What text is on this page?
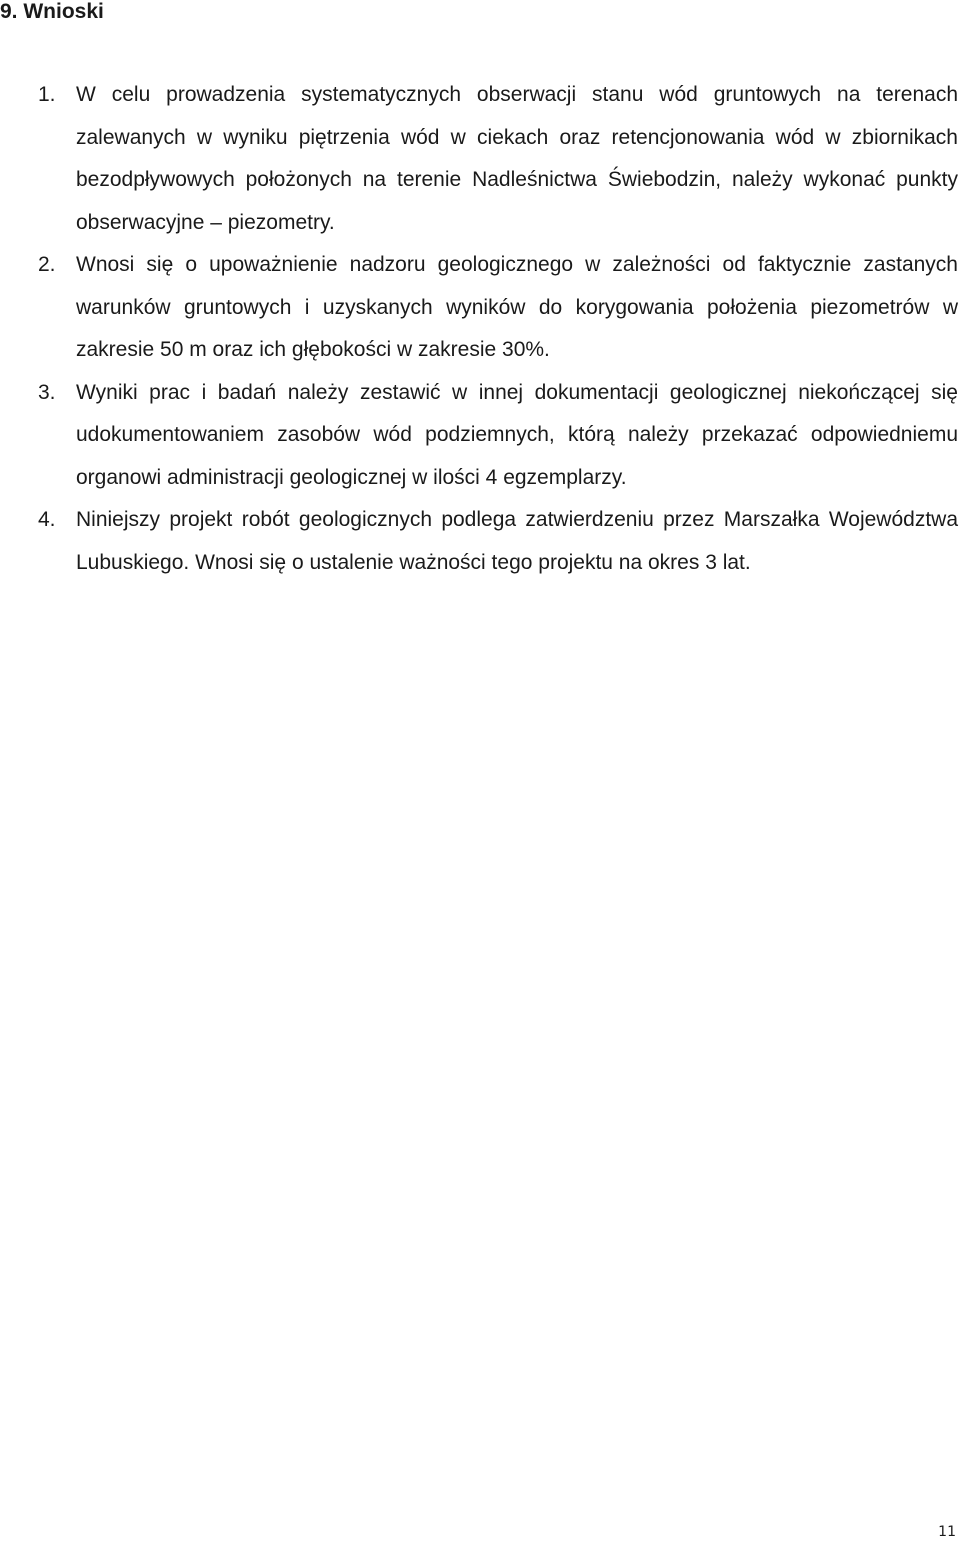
9. Wnioski
1. W celu prowadzenia systematycznych obserwacji stanu wód gruntowych na terenach zalewanych w wyniku piętrzenia wód w ciekach oraz retencjonowania wód w zbiornikach bezodpływowych położonych na terenie Nadleśnictwa Świebodzin, należy wykonać punkty obserwacyjne – piezometry.
2. Wnosi się o upoważnienie nadzoru geologicznego w zależności od faktycznie zastanych warunków gruntowych i uzyskanych wyników do korygowania położenia piezometrów w zakresie 50 m oraz ich głębokości w zakresie 30%.
3. Wyniki prac i badań należy zestawić w innej dokumentacji geologicznej niekończącej się udokumentowaniem zasobów wód podziemnych, którą należy przekazać odpowiedniemu organowi administracji geologicznej w ilości 4 egzemplarzy.
4. Niniejszy projekt robót geologicznych podlega zatwierdzeniu przez Marszałka Województwa Lubuskiego. Wnosi się o ustalenie ważności tego projektu na okres 3 lat.
11
